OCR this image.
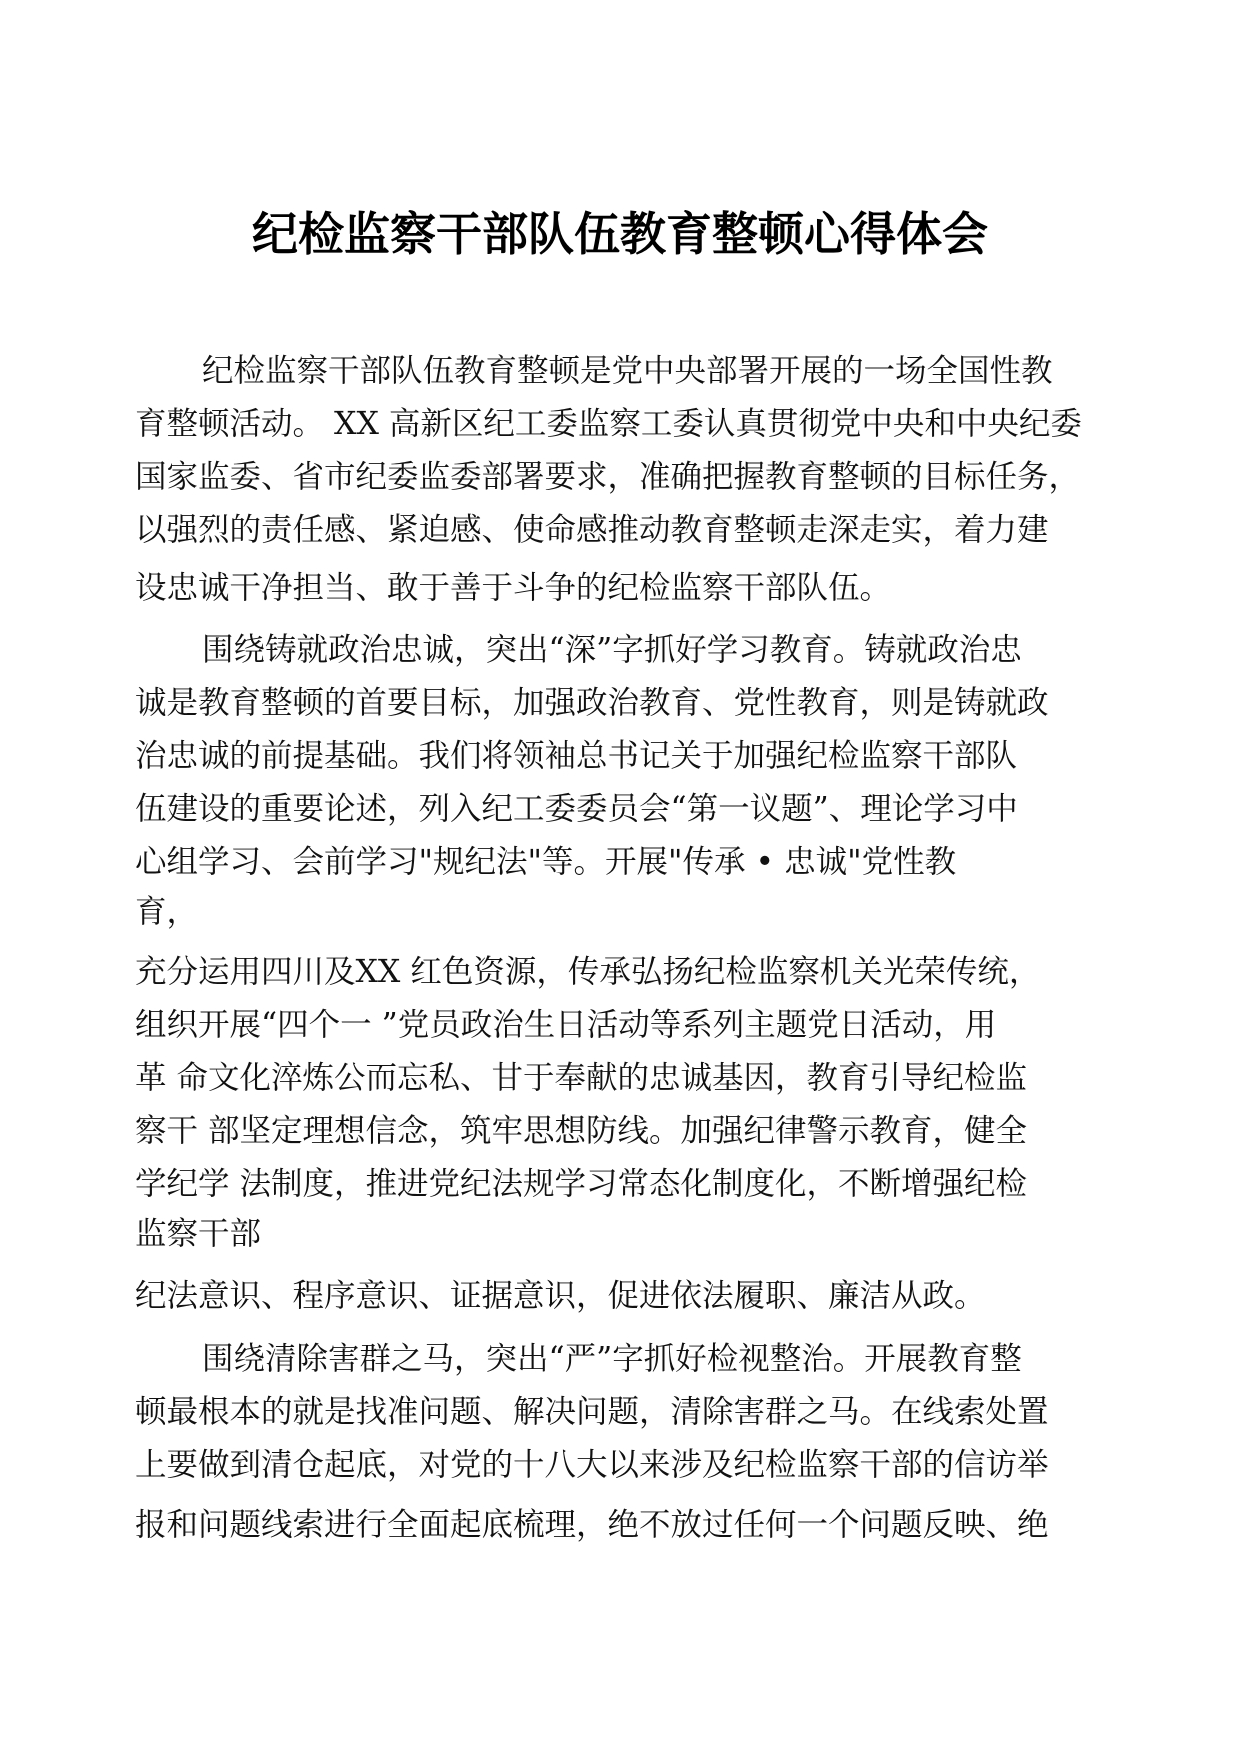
纪检监察干部队伍教育整顿心得体会
纪检监察干部队伍教育整顿是党中央部署开展的一场全国性教
育整顿活动。 XX 高新区纪工委监察工委认真贯彻党中央和中央纪委
国家监委、省市纪委监委部署要求，准确把握教育整顿的目标任务，
以强烈的责任感、紧迫感、使命感推动教育整顿走深走实，着力建
设忠诚干净担当、敢于善于斗争的纪检监察干部队伍。
围绕铸就政治忠诚，突出“深”字抓好学习教育。铸就政治忠
诚是教育整顿的首要目标，加强政治教育、党性教育，则是铸就政
治忠诚的前提基础。我们将领袖总书记关于加强纪检监察干部队
伍建设的重要论述，列入纪工委委员会“第一议题”、理论学习中
心组学习、会前学习"规纪法"等。开展"传承 • 忠诚"党性教
育，
充分运用四川及XX 红色资源，传承弘扬纪检监察机关光荣传统，
组织开展“四个一 ”党员政治生日活动等系列主题党日活动，用
革 命文化淬炼公而忘私、甘于奉献的忠诚基因，教育引导纪检监
察干 部坚定理想信念，筑牢思想防线。加强纪律警示教育，健全
学纪学 法制度，推进党纪法规学习常态化制度化，不断增强纪检
监察干部
纪法意识、程序意识、证据意识，促进依法履职、廉洁从政。
围绕清除害群之马，突出“严”字抓好检视整治。开展教育整
顿最根本的就是找准问题、解决问题，清除害群之马。在线索处置
上要做到清仓起底，对党的十八大以来涉及纪检监察干部的信访举
报和问题线索进行全面起底梳理，绝不放过任何一个问题反映、绝
